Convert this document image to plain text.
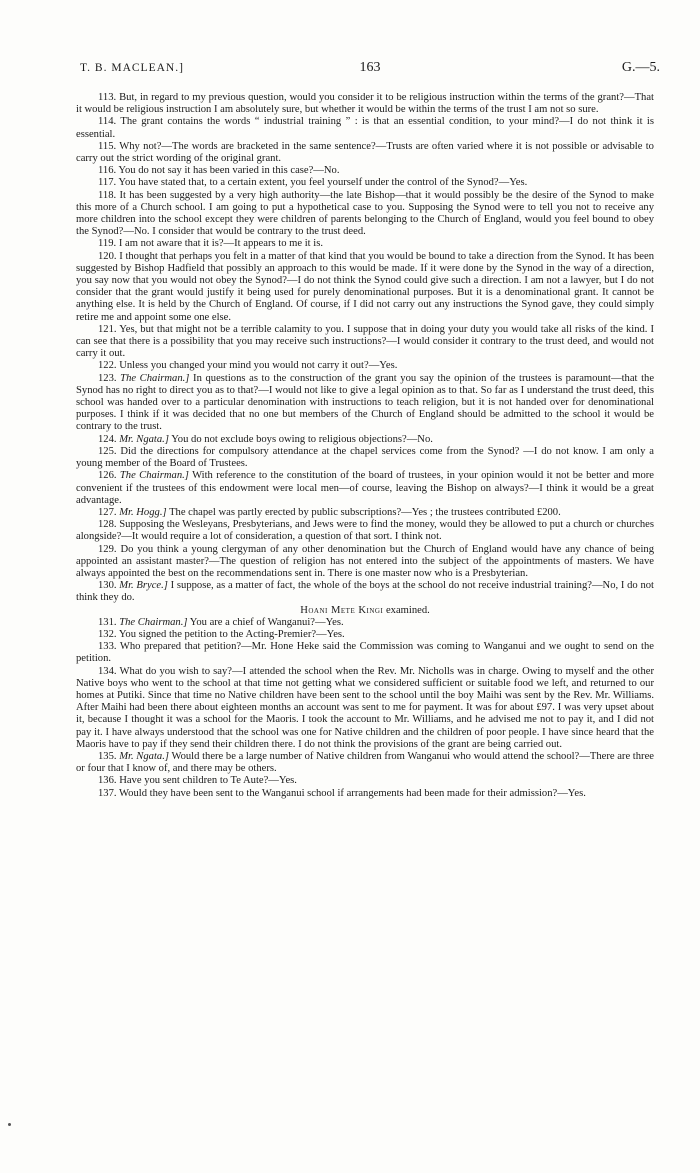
T. B. MACLEAN.]	163	G.—5.

113. But, in regard to my previous question, would you consider it to be religious instruction within the terms of the grant?—That it would be religious instruction I am absolutely sure, but whether it would be within the terms of the trust I am not so sure.

114. The grant contains the words “ industrial training ” : is that an essential condition, to your mind?—I do not think it is essential.

115. Why not?—The words are bracketed in the same sentence?—Trusts are often varied where it is not possible or advisable to carry out the strict wording of the original grant.

116. You do not say it has been varied in this case?—No.

117. You have stated that, to a certain extent, you feel yourself under the control of the Synod?—Yes.

118. It has been suggested by a very high authority—the late Bishop—that it would possibly be the desire of the Synod to make this more of a Church school. I am going to put a hypothetical case to you. Supposing the Synod were to tell you not to receive any more children into the school except they were children of parents belonging to the Church of England, would you feel bound to obey the Synod?—No. I consider that would be contrary to the trust deed.

119. I am not aware that it is?—It appears to me it is.

120. I thought that perhaps you felt in a matter of that kind that you would be bound to take a direction from the Synod. It has been suggested by Bishop Hadfield that possibly an approach to this would be made. If it were done by the Synod in the way of a direction, you say now that you would not obey the Synod?—I do not think the Synod could give such a direction. I am not a lawyer, but I do not consider that the grant would justify it being used for purely denominational purposes. But it is a denominational grant. It cannot be anything else. It is held by the Church of England. Of course, if I did not carry out any instructions the Synod gave, they could simply retire me and appoint some one else.

121. Yes, but that might not be a terrible calamity to you. I suppose that in doing your duty you would take all risks of the kind. I can see that there is a possibility that you may receive such instructions?—I would consider it contrary to the trust deed, and would not carry it out.

122. Unless you changed your mind you would not carry it out?—Yes.

123. The Chairman.] In questions as to the construction of the grant you say the opinion of the trustees is paramount—that the Synod has no right to direct you as to that?—I would not like to give a legal opinion as to that. So far as I understand the trust deed, this school was handed over to a particular denomination with instructions to teach religion, but it is not handed over for denominational purposes. I think if it was decided that no one but members of the Church of England should be admitted to the school it would be contrary to the trust.

124. Mr. Ngata.] You do not exclude boys owing to religious objections?—No.

125. Did the directions for compulsory attendance at the chapel services come from the Synod? —I do not know. I am only a young member of the Board of Trustees.

126. The Chairman.] With reference to the constitution of the board of trustees, in your opinion would it not be better and more convenient if the trustees of this endowment were local men—of course, leaving the Bishop on always?—I think it would be a great advantage.

127. Mr. Hogg.] The chapel was partly erected by public subscriptions?—Yes ; the trustees contributed £200.

128. Supposing the Wesleyans, Presbyterians, and Jews were to find the money, would they be allowed to put a church or churches alongside?—It would require a lot of consideration, a question of that sort. I think not.

129. Do you think a young clergyman of any other denomination but the Church of England would have any chance of being appointed an assistant master?—The question of religion has not entered into the subject of the appointments of masters. We have always appointed the best on the recommendations sent in. There is one master now who is a Presbyterian.

130. Mr. Bryce.] I suppose, as a matter of fact, the whole of the boys at the school do not receive industrial training?—No, I do not think they do.

Hoani Mete Kingi examined.

131. The Chairman.] You are a chief of Wanganui?—Yes.

132. You signed the petition to the Acting-Premier?—Yes.

133. Who prepared that petition?—Mr. Hone Heke said the Commission was coming to Wanganui and we ought to send on the petition.

134. What do you wish to say?—I attended the school when the Rev. Mr. Nicholls was in charge. Owing to myself and the other Native boys who went to the school at that time not getting what we considered sufficient or suitable food we left, and returned to our homes at Putiki. Since that time no Native children have been sent to the school until the boy Maihi was sent by the Rev. Mr. Williams. After Maihi had been there about eighteen months an account was sent to me for payment. It was for about £97. I was very upset about it, because I thought it was a school for the Maoris. I took the account to Mr. Williams, and he advised me not to pay it, and I did not pay it. I have always understood that the school was one for Native children and the children of poor people. I have since heard that the Maoris have to pay if they send their children there. I do not think the provisions of the grant are being carried out.

135. Mr. Ngata.] Would there be a large number of Native children from Wanganui who would attend the school?—There are three or four that I know of, and there may be others.

136. Have you sent children to Te Aute?—Yes.

137. Would they have been sent to the Wanganui school if arrangements had been made for their admission?—Yes.
